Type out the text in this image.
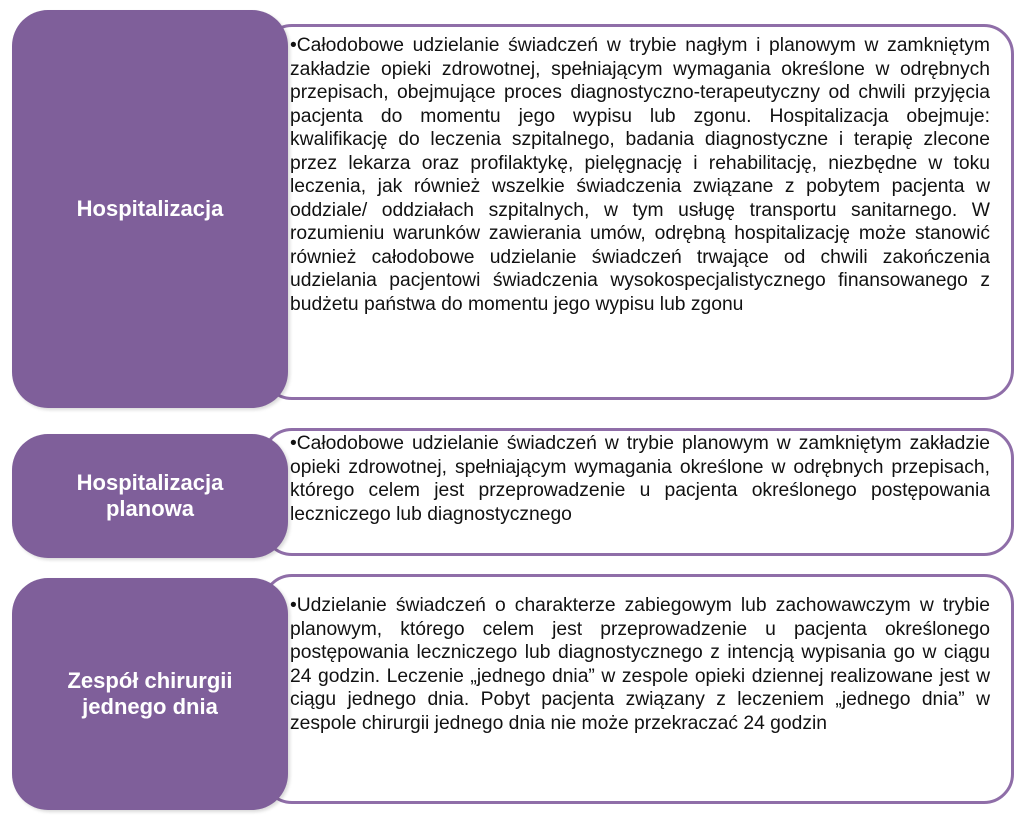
Hospitalizacja
•Całodobowe udzielanie świadczeń w trybie nagłym i planowym w zamkniętym zakładzie opieki zdrowotnej, spełniającym wymagania określone w odrębnych przepisach, obejmujące proces diagnostyczno-terapeutyczny od chwili przyjęcia pacjenta do momentu jego wypisu lub zgonu. Hospitalizacja obejmuje: kwalifikację do leczenia szpitalnego, badania diagnostyczne i terapię zlecone przez lekarza oraz profilaktykę, pielęgnację i rehabilitację, niezbędne w toku leczenia, jak również wszelkie świadczenia związane z pobytem pacjenta w oddziale/ oddziałach szpitalnych, w tym usługę transportu sanitarnego. W rozumieniu warunków zawierania umów, odrębną hospitalizację może stanowić również całodobowe udzielanie świadczeń trwające od chwili zakończenia udzielania pacjentowi świadczenia wysokospecjalistycznego finansowanego z budżetu państwa do momentu jego wypisu lub zgonu
Hospitalizacja
planowa
•Całodobowe udzielanie świadczeń w trybie planowym w zamkniętym zakładzie opieki zdrowotnej, spełniającym wymagania określone w odrębnych przepisach, którego celem jest przeprowadzenie u pacjenta określonego postępowania leczniczego lub diagnostycznego
Zespół chirurgii
jednego dnia
•Udzielanie świadczeń o charakterze zabiegowym lub zachowawczym w trybie planowym, którego celem jest przeprowadzenie u pacjenta określonego postępowania leczniczego lub diagnostycznego z intencją wypisania go w ciągu 24 godzin. Leczenie „jednego dnia” w zespole opieki dziennej realizowane jest w ciągu jednego dnia. Pobyt pacjenta związany z leczeniem „jednego dnia” w zespole chirurgii jednego dnia nie może przekraczać 24 godzin
